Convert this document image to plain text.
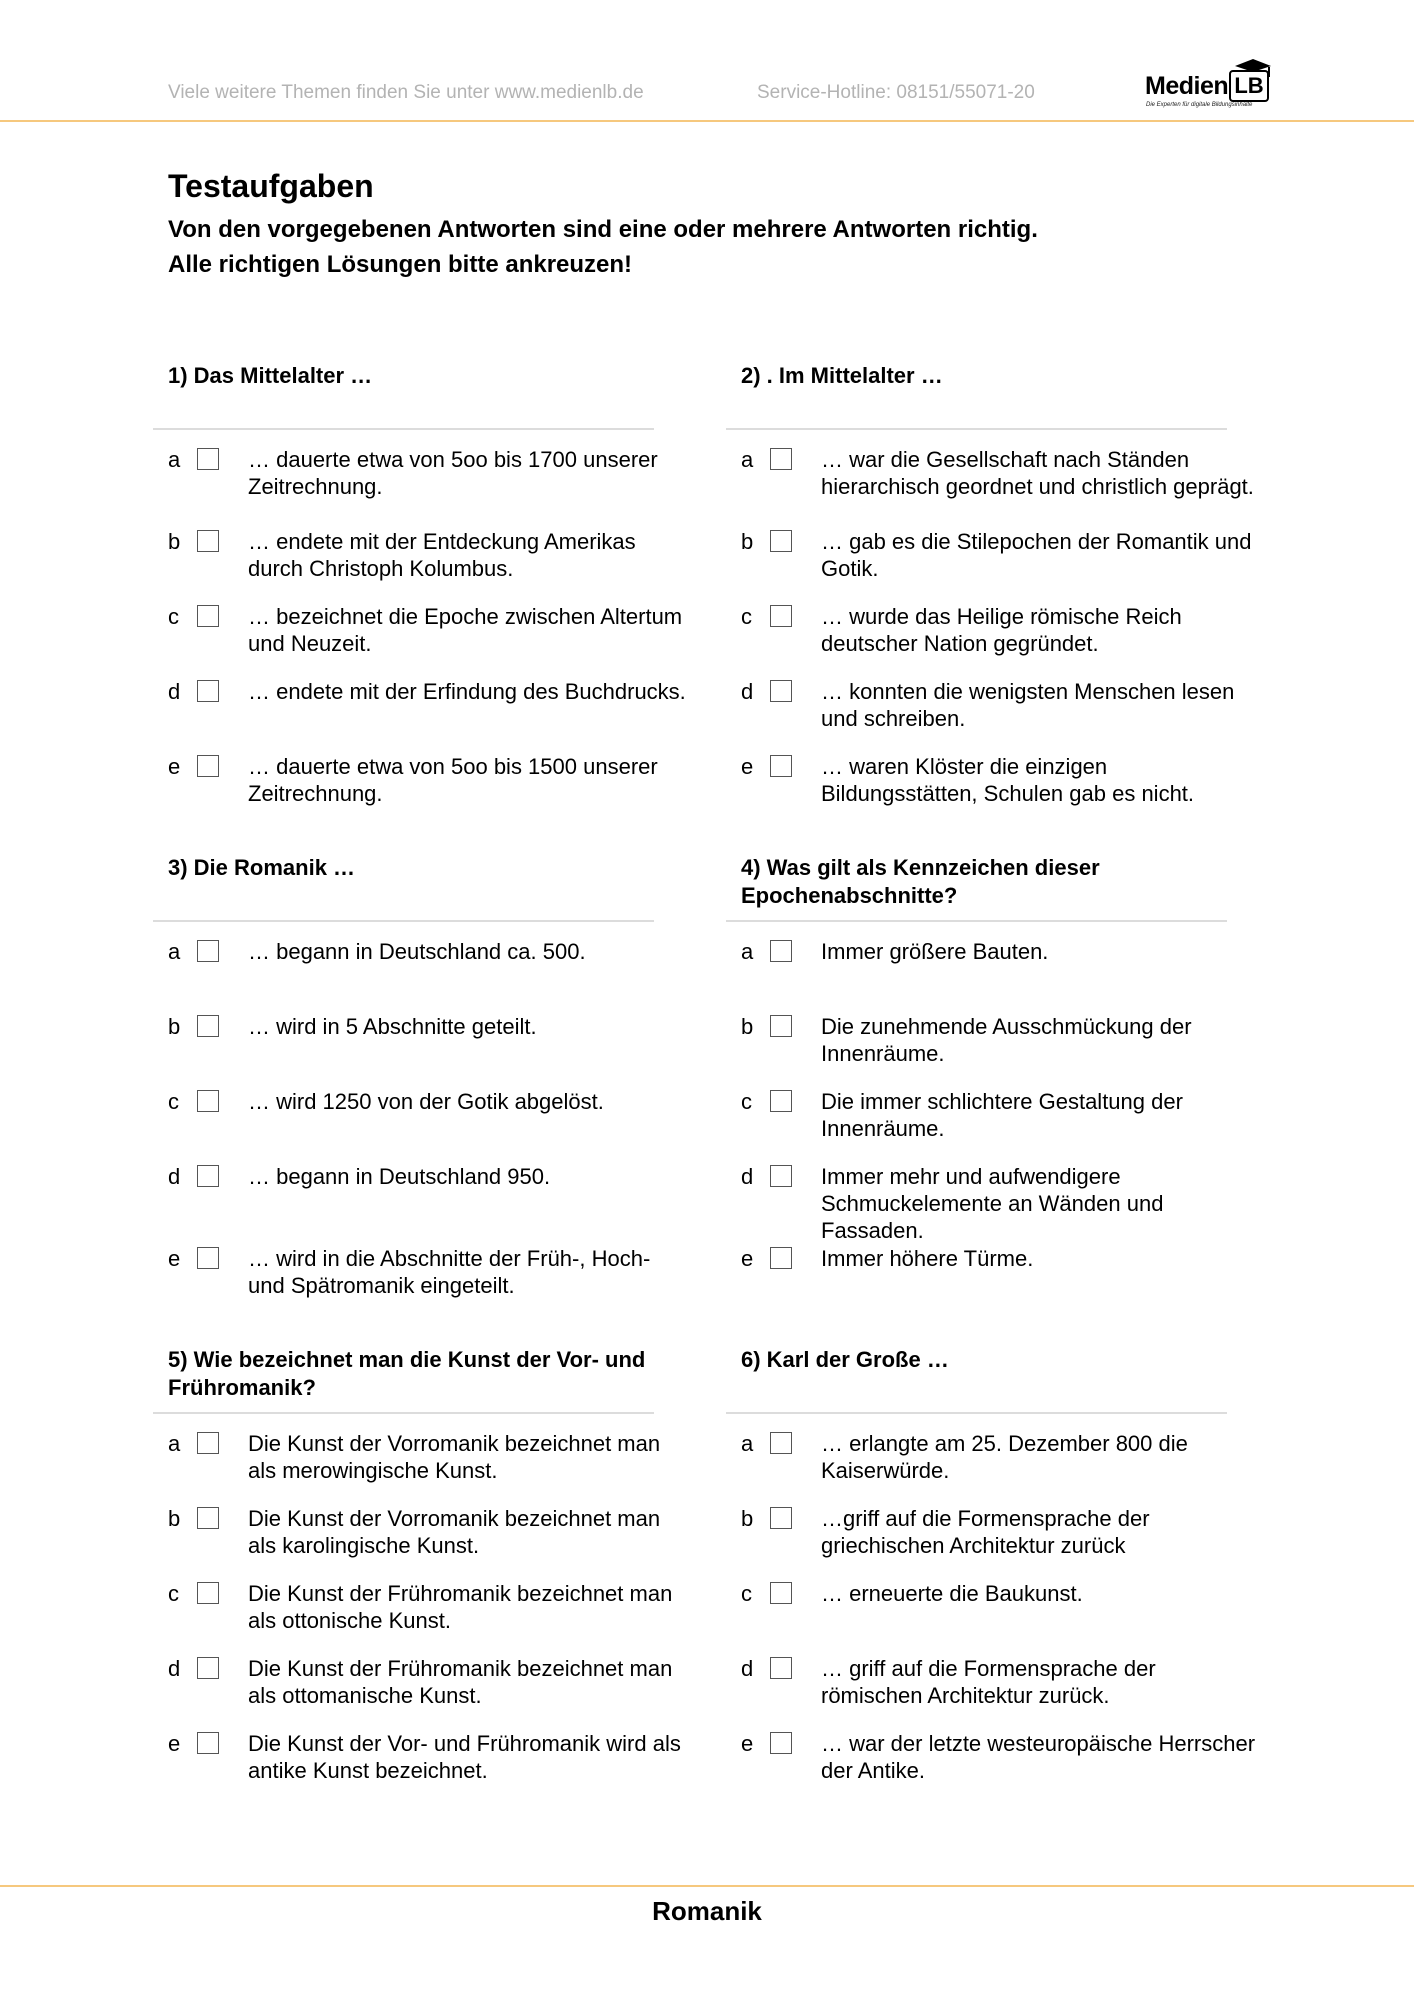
Viele weitere Themen finden Sie unter www.medienlb.de	Service-Hotline: 08151/55071-20	Medien LB
Die Experten für digitale Bildungsinhalte
Testaufgaben
Von den vorgegebenen Antworten sind eine oder mehrere Antworten richtig.
Alle richtigen Lösungen bitte ankreuzen!
1) Das Mittelalter …
a	… dauerte etwa von 5oo bis 1700 unserer Zeitrechnung.
b	… endete mit der Entdeckung Amerikas durch Christoph Kolumbus.
c	… bezeichnet die Epoche zwischen Altertum und Neuzeit.
d	… endete mit der Erfindung des Buchdrucks.
e	… dauerte etwa von 5oo bis 1500 unserer Zeitrechnung.
2) . Im Mittelalter …
a	… war die Gesellschaft nach Ständen hierarchisch geordnet und christlich geprägt.
b	… gab es die Stilepochen der Romantik und Gotik.
c	… wurde das Heilige römische Reich deutscher Nation gegründet.
d	… konnten die wenigsten Menschen lesen und schreiben.
e	… waren Klöster die einzigen Bildungsstätten, Schulen gab es nicht.
3) Die Romanik …
a	… begann in Deutschland ca. 500.
b	… wird in 5 Abschnitte geteilt.
c	… wird 1250 von der Gotik abgelöst.
d	… begann in Deutschland 950.
e	… wird in die Abschnitte der Früh-, Hoch- und Spätromanik eingeteilt.
4) Was gilt als Kennzeichen dieser Epochenabschnitte?
a	Immer größere Bauten.
b	Die zunehmende Ausschmückung der Innenräume.
c	Die immer schlichtere Gestaltung der Innenräume.
d	Immer mehr und aufwendigere Schmuckelemente an Wänden und Fassaden.
e	Immer höhere Türme.
5) Wie bezeichnet man die Kunst der Vor- und Frühromanik?
a	Die Kunst der Vorromanik bezeichnet man als merowingische Kunst.
b	Die Kunst der Vorromanik bezeichnet man als karolingische Kunst.
c	Die Kunst der Frühromanik bezeichnet man als ottonische Kunst.
d	Die Kunst der Frühromanik bezeichnet man als ottomanische Kunst.
e	Die Kunst der Vor- und Frühromanik wird als antike Kunst bezeichnet.
6) Karl der Große …
a	… erlangte am 25. Dezember 800 die Kaiserwürde.
b	…griff auf die Formensprache der griechischen Architektur zurück
c	… erneuerte die Baukunst.
d	… griff auf die Formensprache der römischen Architektur zurück.
e	… war der letzte westeuropäische Herrscher der Antike.
Romanik
